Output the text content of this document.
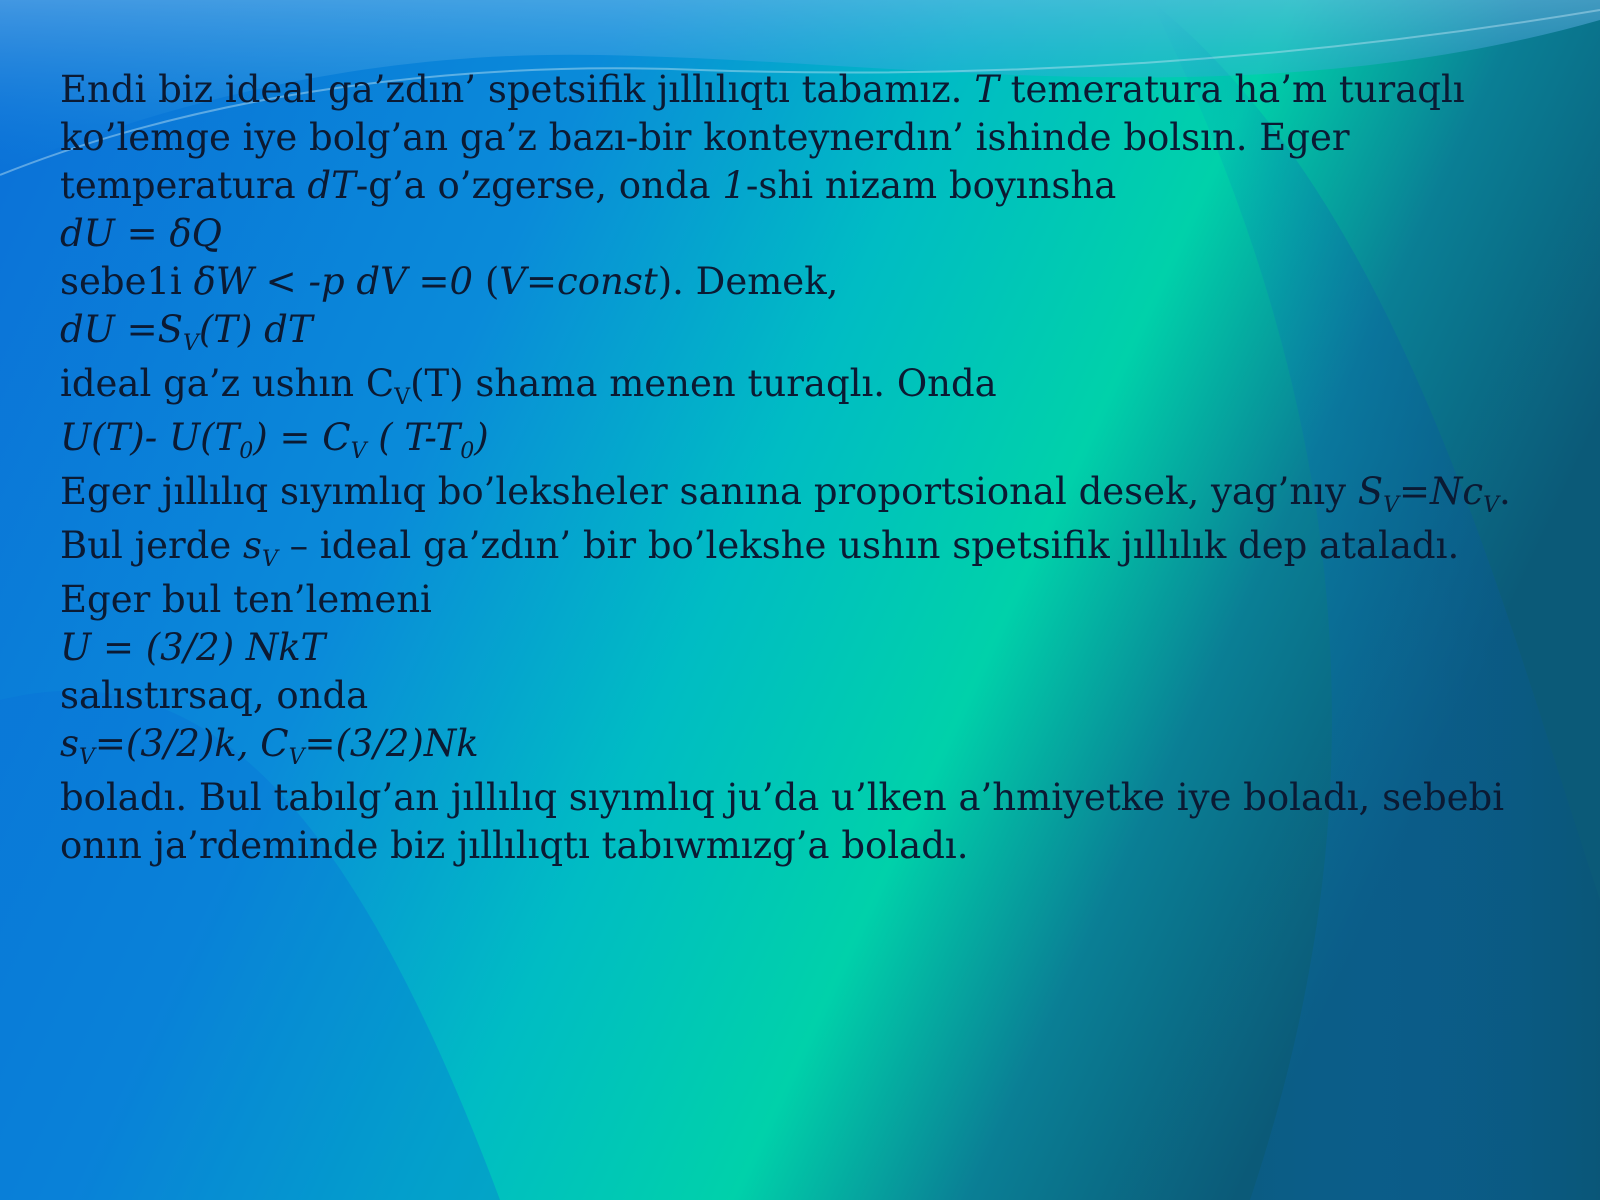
Endi biz ideal ga’zdın’ spetsifik jıllılıqtı tabamız. T temeratura ha’m turaqlı
ko’lemge iye bolg’an ga’z bazı-bir konteynerdın’ ishinde bolsın. Eger
temperatura dT-g’a o’zgerse, onda 1-shi nizam boyınsha
dU = δQ
sebe1i δW < -p dV =0 (V=const). Demek,
dU $=S_V(T)$ dT
ideal ga’z ushın $C_V(T)$ shama menen turaqlı. Onda
U(T)- $U(T_0) = C_V$ ( $T-T_0$)
Eger jıllılıq sıyımlıq bo’leksheler sanına proportsional desek, yag’nıy $S_V=Nc_V$.
Bul jerde $s_V$ – ideal ga’zdın’ bir bo’lekshe ushın spetsifik jıllılık dep ataladı.
Eger bul ten’lemeni
U = (3/2) NkT
salıstırsaq, onda
$s_V=(3/2)k$, $C_V=(3/2)Nk$
boladı. Bul tabılg’an jıllılıq sıyımlıq ju’da u’lken a’hmiyetke iye boladı, sebebi
onın ja’rdeminde biz jıllılıqtı tabıwmızg’a boladı.
